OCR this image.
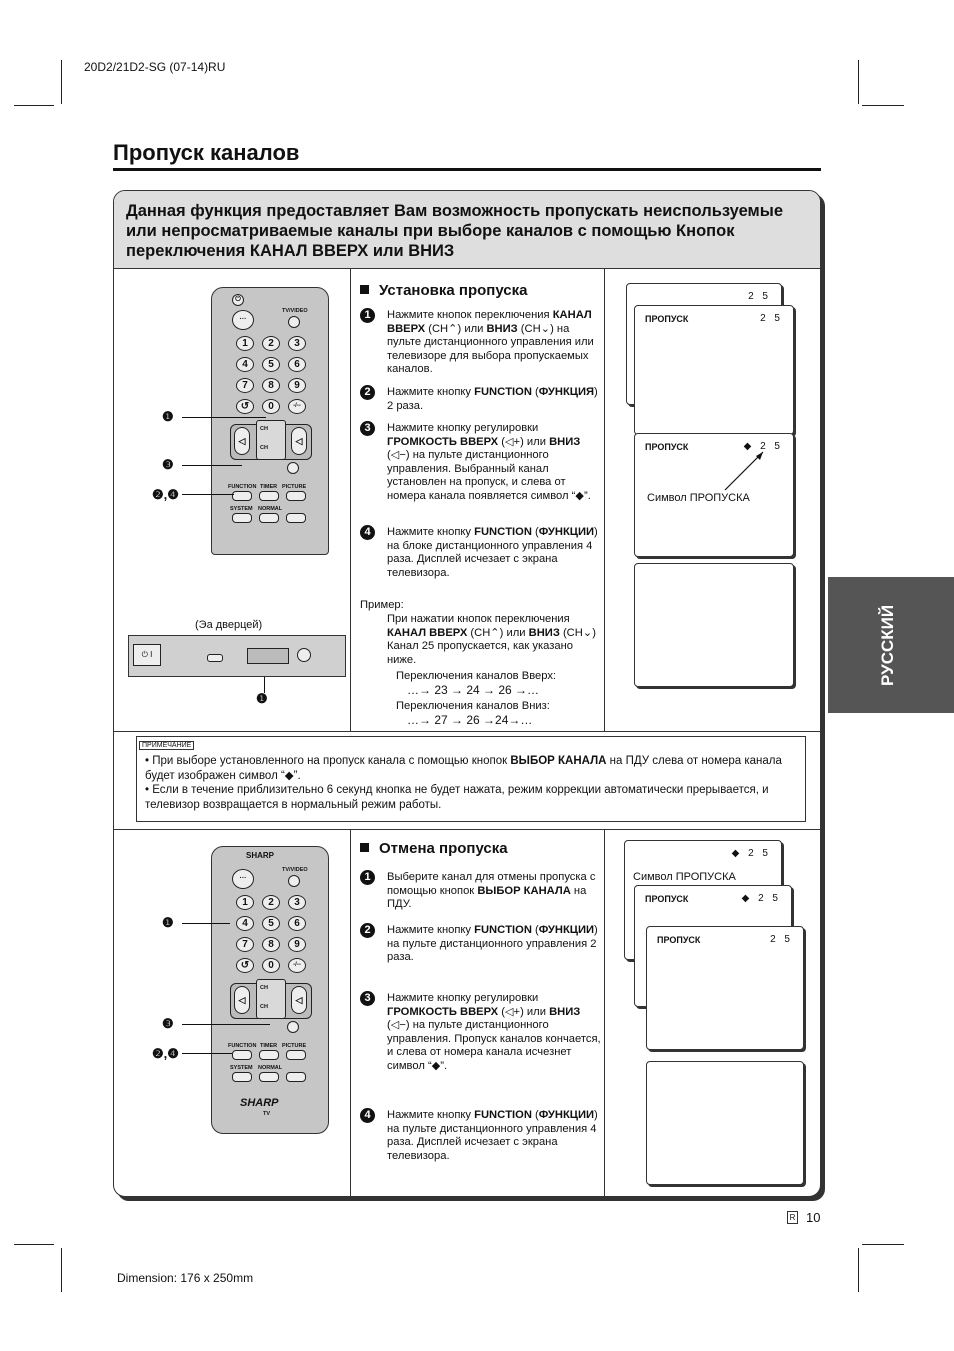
20D2/21D2-SG (07-14)RU
Пропуск каналов
РУССКИЙ
Данная функция предоставляет Вам возможность пропускать неиспользуемые или непросматриваемые каналы при выборе каналов с помощью Кнопок переключения КАНАЛ ВВЕРХ или ВНИЗ
⏻
···
TV/VIDEO
◁	◁
CH
CH
FUNCTION TIMER PICTURE
SYSTEM NORMAL
1	2	3
4	5	6
7	8	9
↺	0	-/--
❶
❸
❷,❹
(Эа дверцей)
⏻ I
❶
Установка пропуска
Пример:
При нажатии кнопок переключения КАНАЛ ВВЕРХ (CH⌃) или ВНИЗ (CH⌄) Канал 25 пропускается, как указано ниже.
Переключения каналов Вверх:
…→ 23 → 24 → 26 →…
Переключения каналов Вниз:
…→ 27 → 26 →24→…
2 5
ПРОПУСК	2 5
ПРОПУСК	◆ 2 5
Символ ПРОПУСКА
ПРИМЕЧАНИЕ
• При выборе установленного на пропуск канала с помощью кнопок ВЫБОР КАНАЛА на ПДУ слева от номера канала будет изображен символ “◆”.
• Если в течение приблизительно 6 секунд кнопка не будет нажата, режим коррекции автоматически прерывается, и телевизор возвращается в нормальный режим работы.
···
TV/VIDEO
SHARP
◁	◁
CH
CH
FUNCTION TIMER PICTURE
SYSTEM NORMAL
SHARP
TV
1	2	3
4	5	6
7	8	9
↺	0	-/--
❶
❸
❷,❹
Отмена пропуска	◆ 2 5
Символ ПРОПУСКА
ПРОПУСК	◆ 2 5
ПРОПУСК	2 5
1	Нажмите кнопок переключения КАНАЛ ВВЕРХ (CH⌃) или ВНИЗ (CH⌄) на пульте дистанционного управления или телевизоре для выбора пропускаемых каналов.
2	Нажмите кнопку FUNCTION (ФУНКЦИЯ) 2 раза.
3	Нажмите кнопку регулировки ГРОМКОСТЬ ВВЕРХ (◁+) или ВНИЗ (◁−) на пульте дистанционного управления. Выбранный канал установлен на пропуск, и слева от номера канала появляется символ “◆”.
4	Нажмите кнопку FUNCTION (ФУНКЦИИ) на блоке дистанционного управления 4 раза. Дисплей исчезает с экрана телевизора.
1	Выберите канал для отмены пропуска с помощью кнопок ВЫБОР КАНАЛА на ПДУ.
2	Нажмите кнопку FUNCTION (ФУНКЦИИ) на пульте дистанционного управления 2 раза.
3	Нажмите кнопку регулировки ГРОМКОСТЬ ВВЕРХ (◁+) или ВНИЗ (◁−) на пульте дистанционного управления. Пропуск каналов кончается, и слева от номера канала исчезнет символ “◆”.
4	Нажмите кнопку FUNCTION (ФУНКЦИИ) на пульте дистанционного управления 4 раза. Дисплей исчезает с экрана телевизора.
R 10
Dimension: 176 x 250mm
